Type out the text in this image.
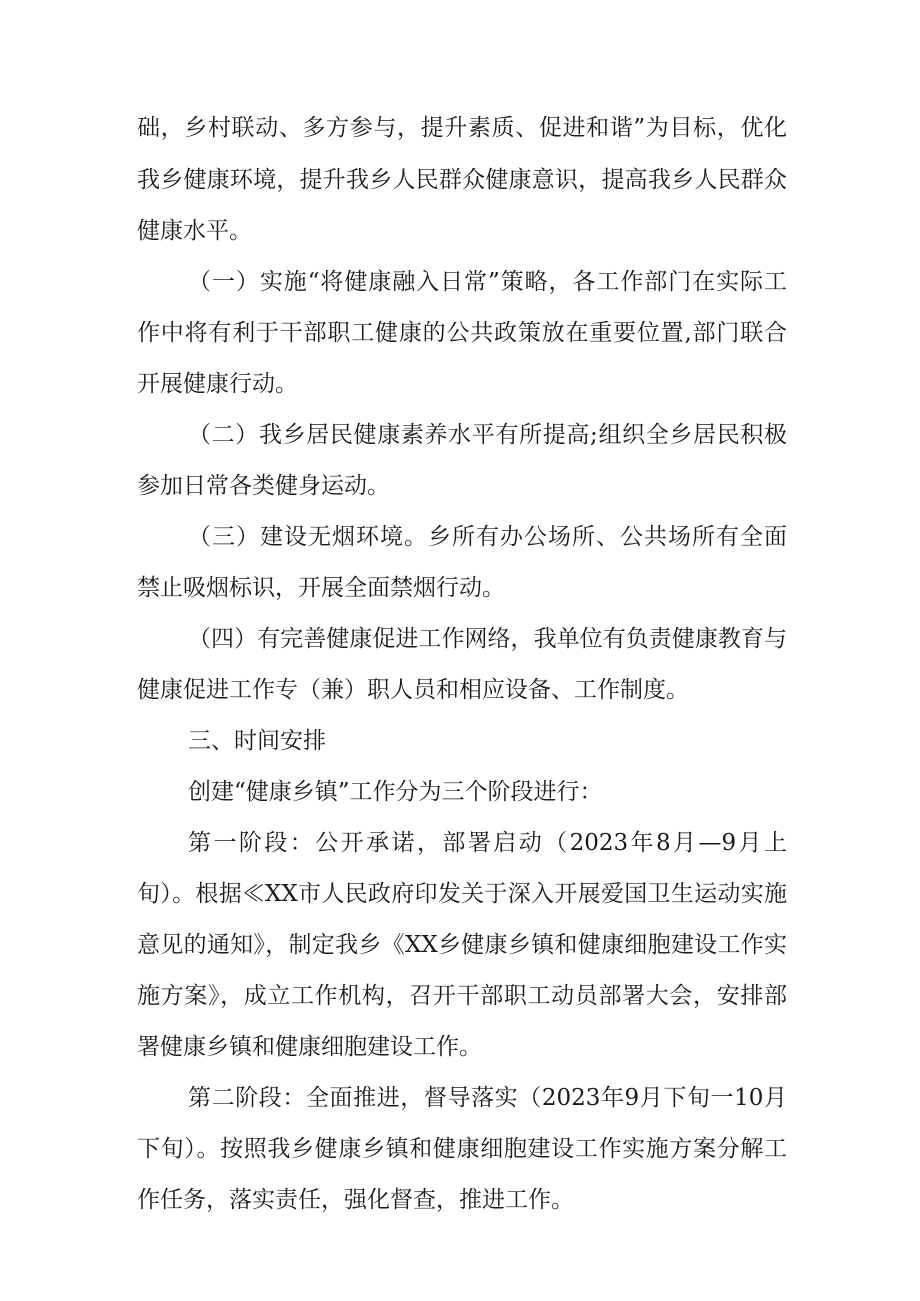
础，乡村联动、多方参与，提升素质、促进和谐”为目标，优化
我乡健康环境，提升我乡人民群众健康意识，提高我乡人民群众
健康水平。
（一）实施“将健康融入日常”策略，各工作部门在实际工
作中将有利于干部职工健康的公共政策放在重要位置,部门联合
开展健康行动。
（二）我乡居民健康素养水平有所提高;组织全乡居民积极
参加日常各类健身运动。
（三）建设无烟环境。乡所有办公场所、公共场所有全面
禁止吸烟标识，开展全面禁烟行动。
（四）有完善健康促进工作网络，我单位有负责健康教育与
健康促进工作专（兼）职人员和相应设备、工作制度。
三、时间安排
创建“健康乡镇”工作分为三个阶段进行：
第一阶段：公开承诺，部署启动（2023年8月—9月上
旬）。根据≪XX市人民政府印发关于深入开展爱国卫生运动实施
意见的通知》，制定我乡《XX乡健康乡镇和健康细胞建设工作实
施方案》，成立工作机构，召开干部职工动员部署大会，安排部
署健康乡镇和健康细胞建设工作。
第二阶段：全面推进，督导落实（2023年9月下旬一10月
下旬）。按照我乡健康乡镇和健康细胞建设工作实施方案分解工
作任务，落实责任，强化督查，推进工作。
